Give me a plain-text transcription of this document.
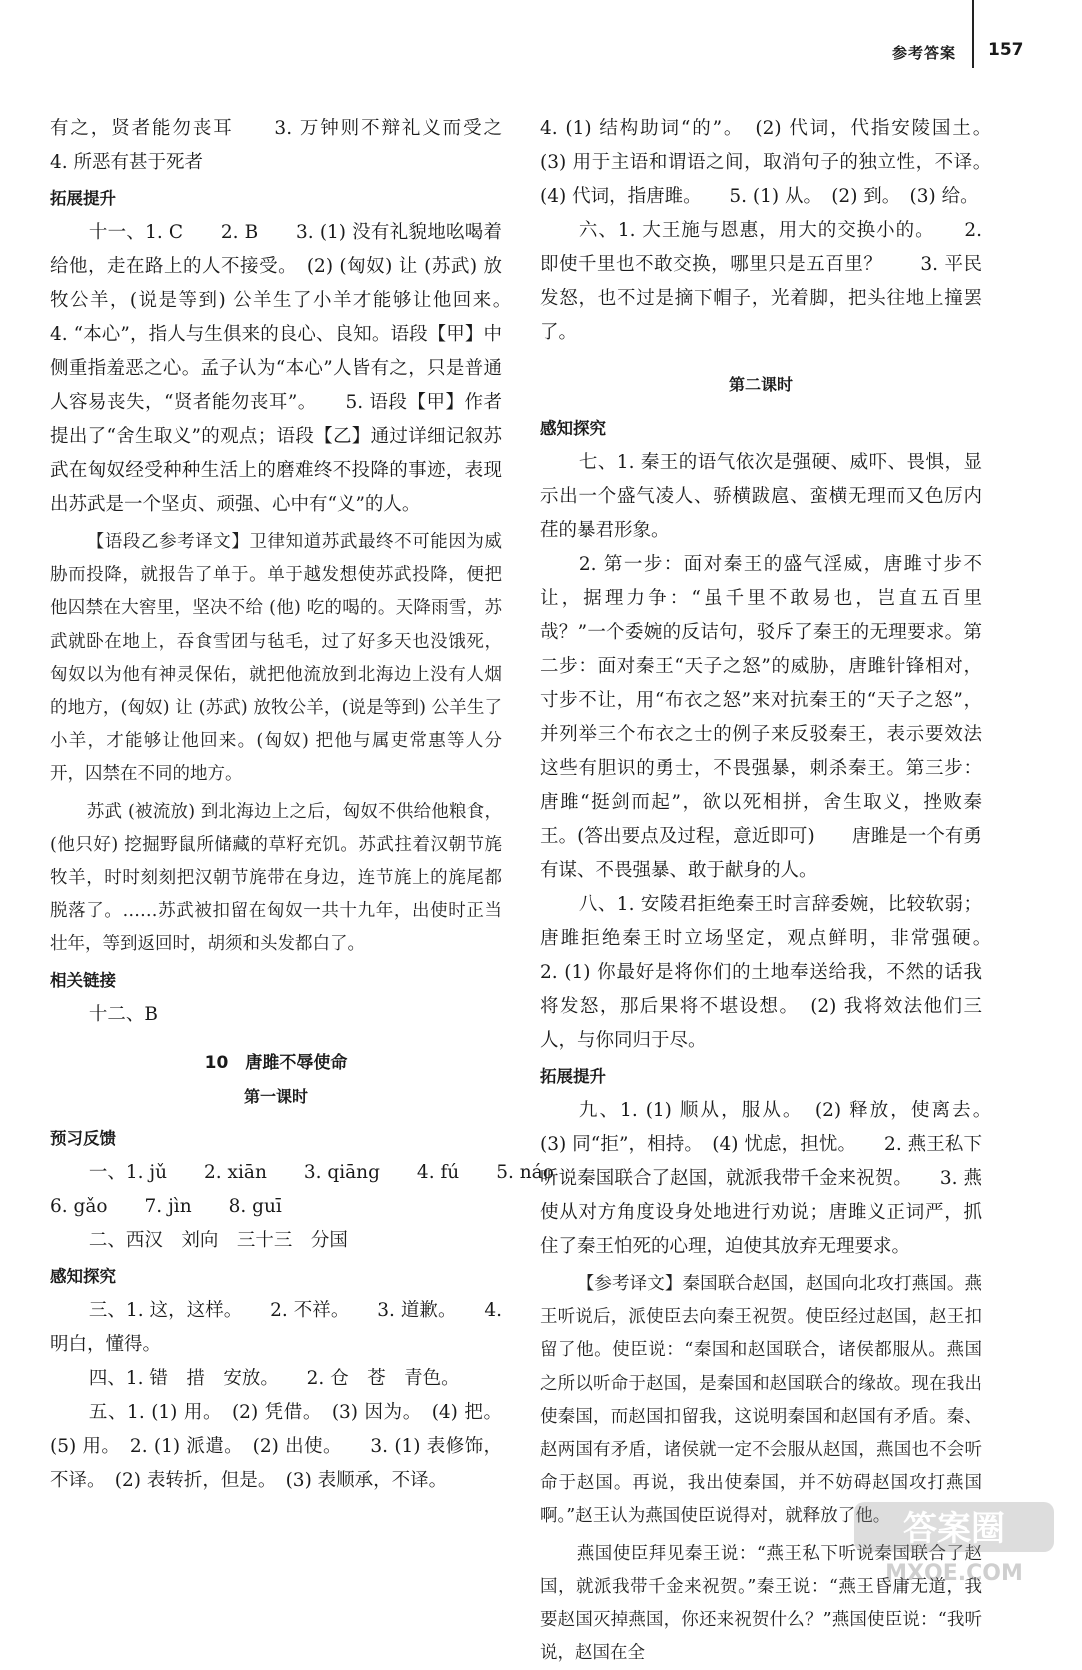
参考答案 157

有之，贤者能勿丧耳　　3. 万钟则不辩礼义而受之　　4. 所恶有甚于死者

拓展提升

十一、1. C　　2. B　　3. (1) 没有礼貌地吆喝着给他，走在路上的人不接受。　(2) (匈奴) 让 (苏武) 放牧公羊，(说是等到) 公羊生了小羊才能够让他回来。　　4. “本心”，指人与生俱来的良心、良知。语段【甲】中侧重指羞恶之心。孟子认为“本心”人皆有之，只是普通人容易丧失，“贤者能勿丧耳”。　　5. 语段【甲】作者提出了“舍生取义”的观点；语段【乙】通过详细记叙苏武在匈奴经受种种生活上的磨难终不投降的事迹，表现出苏武是一个坚贞、顽强、心中有“义”的人。

【语段乙参考译文】卫律知道苏武最终不可能因为威胁而投降，就报告了单于。单于越发想使苏武投降，便把他囚禁在大窖里，坚决不给 (他) 吃的喝的。天降雨雪，苏武就卧在地上，吞食雪团与毡毛，过了好多天也没饿死，匈奴以为他有神灵保佑，就把他流放到北海边上没有人烟的地方，(匈奴) 让 (苏武) 放牧公羊，(说是等到) 公羊生了小羊，才能够让他回来。(匈奴) 把他与属吏常惠等人分开，囚禁在不同的地方。

苏武 (被流放) 到北海边上之后，匈奴不供给他粮食，(他只好) 挖掘野鼠所储藏的草籽充饥。苏武拄着汉朝节旄牧羊，时时刻刻把汉朝节旄带在身边，连节旄上的旄尾都脱落了。……苏武被扣留在匈奴一共十九年，出使时正当壮年，等到返回时，胡须和头发都白了。

相关链接

十二、B

10　唐雎不辱使命

第一课时

预习反馈

一、1. jǔ　　2. xiān　　3. qiāng　　4. fú　　5. náo

6. gǎo　　7. jìn　　8. guī

二、西汉　刘向　三十三　分国

感知探究

三、1. 这，这样。　　2. 不祥。　　3. 道歉。　　4. 明白，懂得。

四、1. 错　措　安放。　　2. 仓　苍　青色。

五、1. (1) 用。　(2) 凭借。　(3) 因为。　(4) 把。(5) 用。　2. (1) 派遣。　(2) 出使。　　3. (1) 表修饰，不译。　(2) 表转折，但是。　(3) 表顺承，不译。

4. (1) 结构助词“的”。　(2) 代词，代指安陵国土。　(3) 用于主语和谓语之间，取消句子的独立性，不译。　(4) 代词，指唐雎。　　5. (1) 从。　(2) 到。　(3) 给。

六、1. 大王施与恩惠，用大的交换小的。　　2. 即使千里也不敢交换，哪里只是五百里？　　3. 平民发怒，也不过是摘下帽子，光着脚，把头往地上撞罢了。

第二课时

感知探究

七、1. 秦王的语气依次是强硬、威吓、畏惧，显示出一个盛气凌人、骄横跋扈、蛮横无理而又色厉内荏的暴君形象。

2. 第一步：面对秦王的盛气淫威，唐雎寸步不让，据理力争：“虽千里不敢易也，岂直五百里哉？”一个委婉的反诘句，驳斥了秦王的无理要求。第二步：面对秦王“天子之怒”的威胁，唐雎针锋相对，寸步不让，用“布衣之怒”来对抗秦王的“天子之怒”，并列举三个布衣之士的例子来反驳秦王，表示要效法这些有胆识的勇士，不畏强暴，刺杀秦王。第三步：唐雎“挺剑而起”，欲以死相拼，舍生取义，挫败秦王。(答出要点及过程，意近即可)　　唐雎是一个有勇有谋、不畏强暴、敢于献身的人。

八、1. 安陵君拒绝秦王时言辞委婉，比较软弱；唐雎拒绝秦王时立场坚定，观点鲜明，非常强硬。　　2. (1) 你最好是将你们的土地奉送给我，不然的话我将发怒，那后果将不堪设想。　(2) 我将效法他们三人，与你同归于尽。

拓展提升

九、1. (1) 顺从，服从。　(2) 释放，使离去。　(3) 同“拒”，相持。　(4) 忧虑，担忧。　　2. 燕王私下听说秦国联合了赵国，就派我带千金来祝贺。　　3. 燕使从对方角度设身处地进行劝说；唐雎义正词严，抓住了秦王怕死的心理，迫使其放弃无理要求。

【参考译文】秦国联合赵国，赵国向北攻打燕国。燕王听说后，派使臣去向秦王祝贺。使臣经过赵国，赵王扣留了他。使臣说：“秦国和赵国联合，诸侯都服从。燕国之所以听命于赵国，是秦国和赵国联合的缘故。现在我出使秦国，而赵国扣留我，这说明秦国和赵国有矛盾。秦、赵两国有矛盾，诸侯就一定不会服从赵国，燕国也不会听命于赵国。再说，我出使秦国，并不妨碍赵国攻打燕国啊。”赵王认为燕国使臣说得对，就释放了他。

燕国使臣拜见秦王说：“燕王私下听说秦国联合了赵国，就派我带千金来祝贺。”秦王说：“燕王昏庸无道，我要赵国灭掉燕国，你还来祝贺什么？”燕国使臣说：“我听说，赵国在全

答案圈
MXQE.COM
